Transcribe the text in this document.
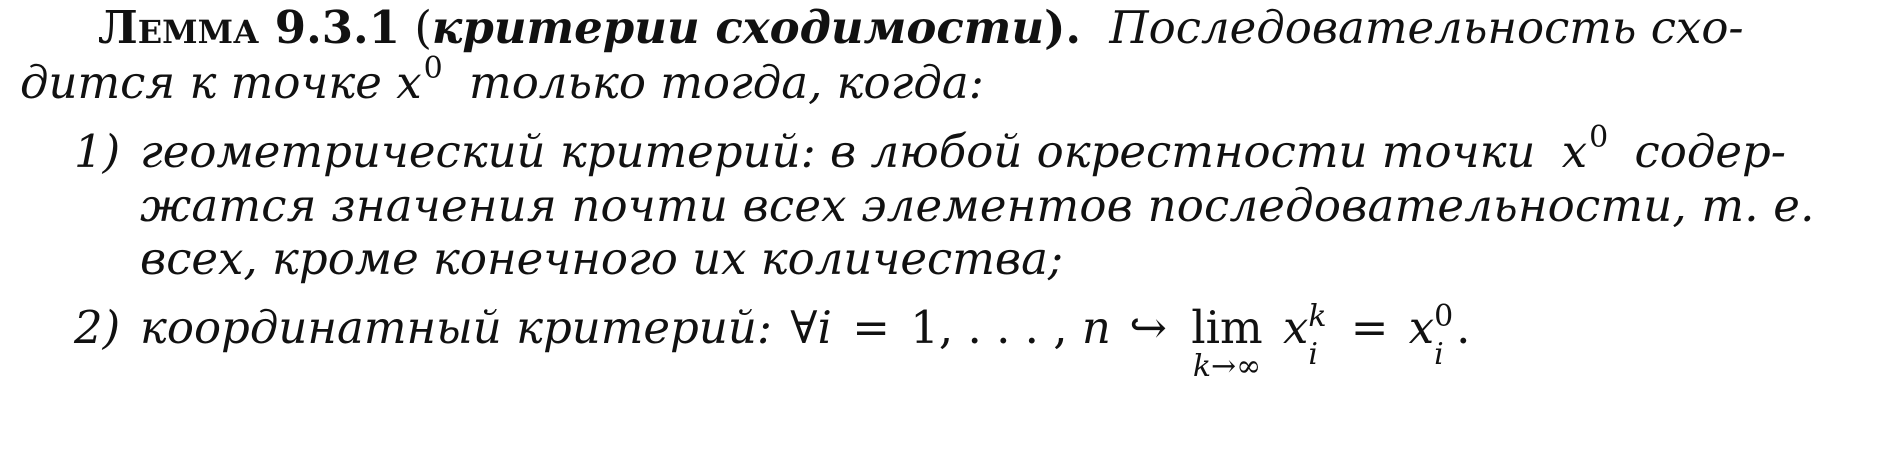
Лемма 9.3.1 (критерии сходимости). Последовательность схо-
дится к точке $x^0$ только тогда, когда:
1) геометрический критерий: в любой окрестности точки $x^0$ содер-
жатся значения почти всех элементов последовательности, т. е.
всех, кроме конечного их количества;
2) координатный критерий: ∀i = 1, . . . , n ↪ lim
k→∞
x k
i
= x 0
i
.
